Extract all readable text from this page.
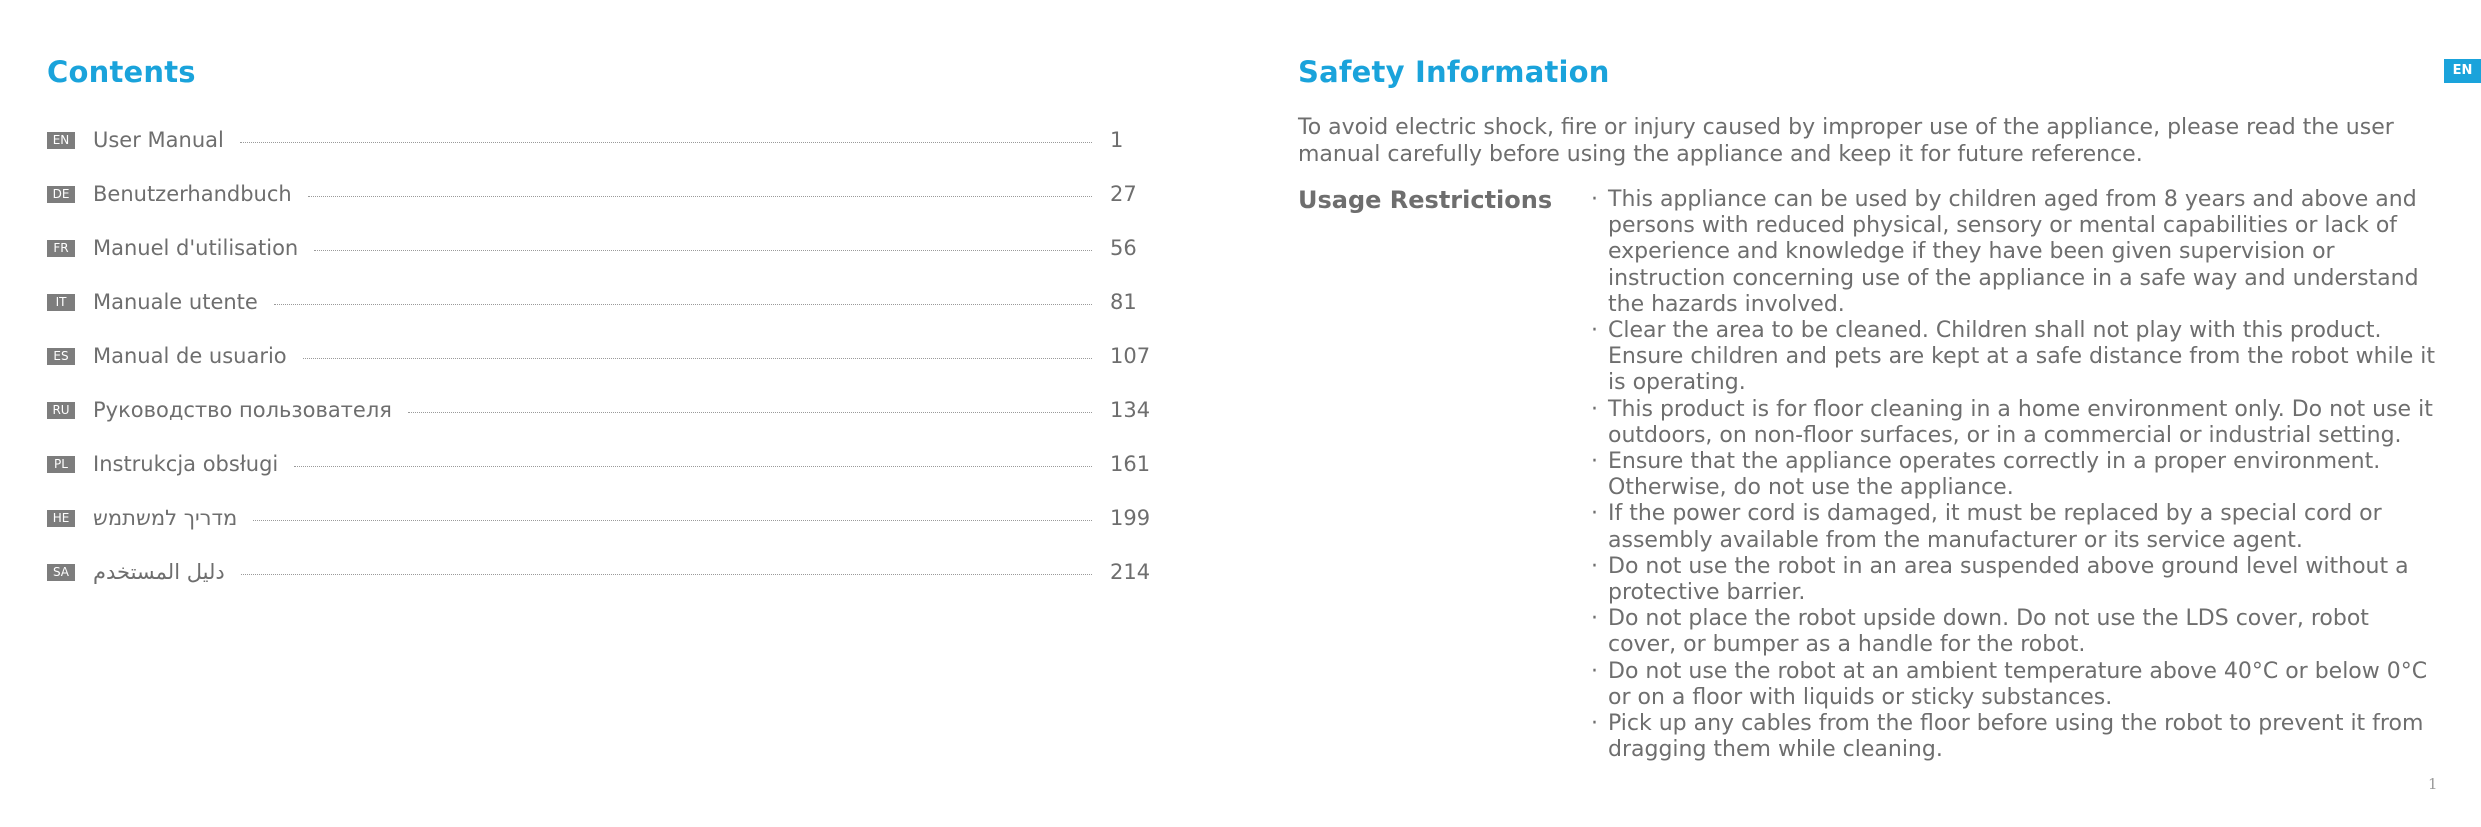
Contents
EN User Manual	1
DE Benutzerhandbuch	27
FR	Manuel d'utilisation	56
IT	Manuale utente	81
ES	Manual de usuario	107
RU Руководство пользователя	134
PL	Instrukcja obsługi	161
HE מדריך למשתמש	199
SA دليل المستخدم	214
Safety Information	EN

To avoid electric shock, fire or injury caused by improper use of the appliance, please read the user manual carefully before using the appliance and keep it for future reference.

Usage Restrictions · This appliance can be used by children aged from 8 years and above and persons with reduced physical, sensory or mental capabilities or lack of experience and knowledge if they have been given supervision or instruction concerning use of the appliance in a safe way and understand the hazards involved.
· Clear the area to be cleaned. Children shall not play with this product. Ensure children and pets are kept at a safe distance from the robot while it is operating.
· This product is for floor cleaning in a home environment only. Do not use it outdoors, on non-floor surfaces, or in a commercial or industrial setting.
· Ensure that the appliance operates correctly in a proper environment. Otherwise, do not use the appliance.
· If the power cord is damaged, it must be replaced by a special cord or assembly available from the manufacturer or its service agent.
· Do not use the robot in an area suspended above ground level without a protective barrier.
· Do not place the robot upside down. Do not use the LDS cover, robot cover, or bumper as a handle for the robot.
· Do not use the robot at an ambient temperature above 40°C or below 0°C or on a floor with liquids or sticky substances.
· Pick up any cables from the floor before using the robot to prevent it from dragging them while cleaning.
1
